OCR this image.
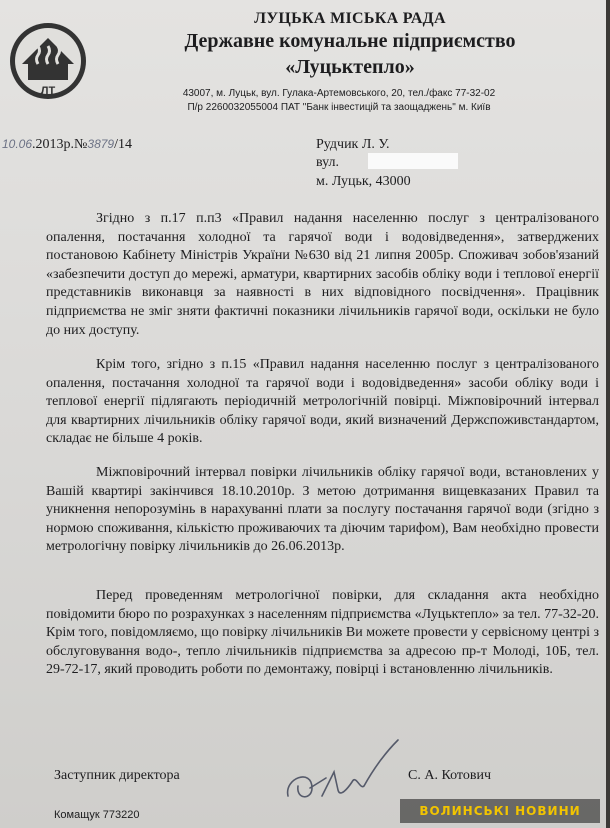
ЛТ

ЛУЦЬКА МІСЬКА РАДА

Державне комунальне підприємство

«Луцьктепло»

43007, м. Луцьк, вул. Гулака-Артемовського, 20, тел./факс 77-32-02
П/р 2260032055004 ПАТ "Банк інвестицій та заощаджень" м. Київ
10.06.2013р.№3879/14	Рудчик Л. У.
вул.
м. Луцьк, 43000

Згідно з п.17 п.п3 «Правил надання населенню послуг з централізованого опалення, постачання холодної та гарячої води і водовідведення», затверджених постановою Кабінету Міністрів України №630 від 21 липня 2005р. Споживач зобов'язаний «забезпечити доступ до мережі, арматури, квартирних засобів обліку води і теплової енергії представників виконавця за наявності в них відповідного посвідчення». Працівник підприємства не зміг зняти фактичні показники лічильників гарячої води, оскільки не було до них доступу.

Крім того, згідно з п.15 «Правил надання населенню послуг з централізованого опалення, постачання холодної та гарячої води і водовідведення» засоби обліку води і теплової енергії підлягають періодичній метрологічній повірці. Міжповірочний інтервал для квартирних лічильників обліку гарячої води, який визначений Держспоживстандартом, складає не більше 4 років.

Міжповірочний інтервал повірки лічильників обліку гарячої води, встановлених у Вашій квартирі закінчився 18.10.2010р. З метою дотримання вищевказаних Правил та уникнення непорозумінь в нарахуванні плати за послугу постачання гарячої води (згідно з нормою споживання, кількістю проживаючих та діючим тарифом), Вам необхідно провести метрологічну повірку лічильників до 26.06.2013р.

Перед проведенням метрологічної повірки, для складання акта необхідно повідомити бюро по розрахунках з населенням підприємства «Луцьктепло» за тел. 77-32-20. Крім того, повідомляємо, що повірку лічильників Ви можете провести у сервісному центрі з обслуговування водо-, тепло лічильників підприємства за адресою пр-т Молоді, 10Б, тел. 29-72-17, який проводить роботи по демонтажу, повірці і встановленню лічильників.

Заступник директора	С. А. Котович
Комащук 773220	ВОЛИНСЬКІ НОВИНИ
